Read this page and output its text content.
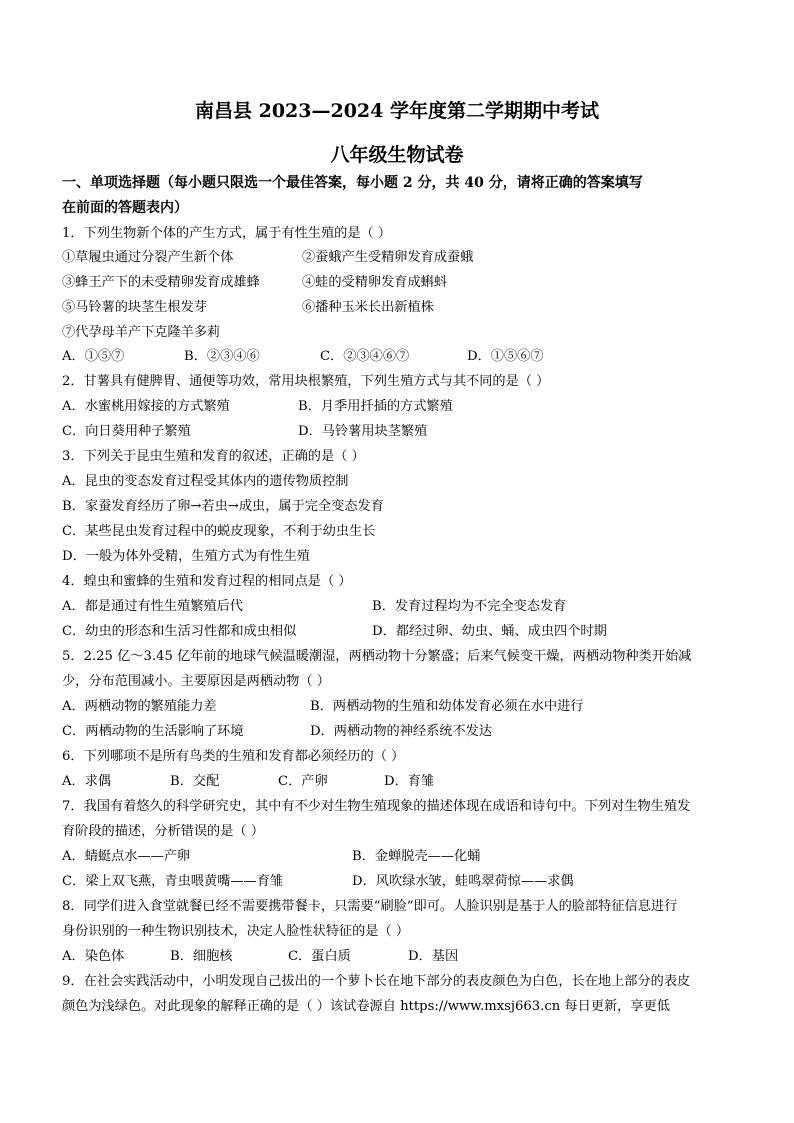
南昌县 2023—2024 学年度第二学期期中考试
八年级生物试卷
一、单项选择题（每小题只限选一个最佳答案，每小题 2 分，共 40 分，请将正确的答案填写
在前面的答题表内）
1．下列生物新个体的产生方式，属于有性生殖的是（ ）
①草履虫通过分裂产生新个体	②蚕蛾产生受精卵发育成蚕蛾
③蜂王产下的未受精卵发育成雄蜂	④蛙的受精卵发育成蝌蚪
⑤马铃薯的块茎生根发芽	⑥播种玉米长出新植株
⑦代孕母羊产下克隆羊多莉
A．①⑤⑦	B．②③④⑥	C．②③④⑥⑦	D．①⑤⑥⑦
2．甘薯具有健脾胃、通便等功效，常用块根繁殖，下列生殖方式与其不同的是（ ）
A．水蜜桃用嫁接的方式繁殖	B．月季用扦插的方式繁殖
C．向日葵用种子繁殖	D．马铃薯用块茎繁殖
3．下列关于昆虫生殖和发育的叙述，正确的是（ ）
A．昆虫的变态发育过程受其体内的遗传物质控制
B．家蚕发育经历了卵→若虫→成虫，属于完全变态发育
C．某些昆虫发育过程中的蜕皮现象，不利于幼虫生长
D．一般为体外受精，生殖方式为有性生殖
4．蝗虫和蜜蜂的生殖和发育过程的相同点是（ ）
A．都是通过有性生殖繁殖后代	B．发育过程均为不完全变态发育
C．幼虫的形态和生活习性都和成虫相似	D．都经过卵、幼虫、蛹、成虫四个时期
5．2.25 亿～3.45 亿年前的地球气候温暖潮湿，两栖动物十分繁盛；后来气候变干燥，两栖动物种类开始减
少，分布范围减小。主要原因是两栖动物（ ）
A．两栖动物的繁殖能力差	B．两栖动物的生殖和幼体发育必须在水中进行
C．两栖动物的生活影响了环境	D．两栖动物的神经系统不发达
6．下列哪项不是所有鸟类的生殖和发育都必须经历的（ ）
A．求偶	B．交配	C．产卵	D．育雏
7．我国有着悠久的科学研究史，其中有不少对生物生殖现象的描述体现在成语和诗句中。下列对生物生殖发
育阶段的描述，分析错误的是（ ）
A．蜻蜓点水——产卵	B．金蝉脱壳——化蛹
C．梁上双飞燕，青虫喂黄嘴——育雏	D．风吹绿水皱，蛙鸣翠荷惊——求偶
8．同学们进入食堂就餐已经不需要携带餐卡，只需要“刷脸”即可。人脸识别是基于人的脸部特征信息进行
身份识别的一种生物识别技术，决定人脸性状特征的是（ ）
A．染色体	B．细胞核	C．蛋白质	D．基因
9．在社会实践活动中，小明发现自己拔出的一个萝卜长在地下部分的表皮颜色为白色，长在地上部分的表皮
颜色为浅绿色。对此现象的解释正确的是（ ）该试卷源自 https://www.mxsj663.cn 每日更新，享更低
